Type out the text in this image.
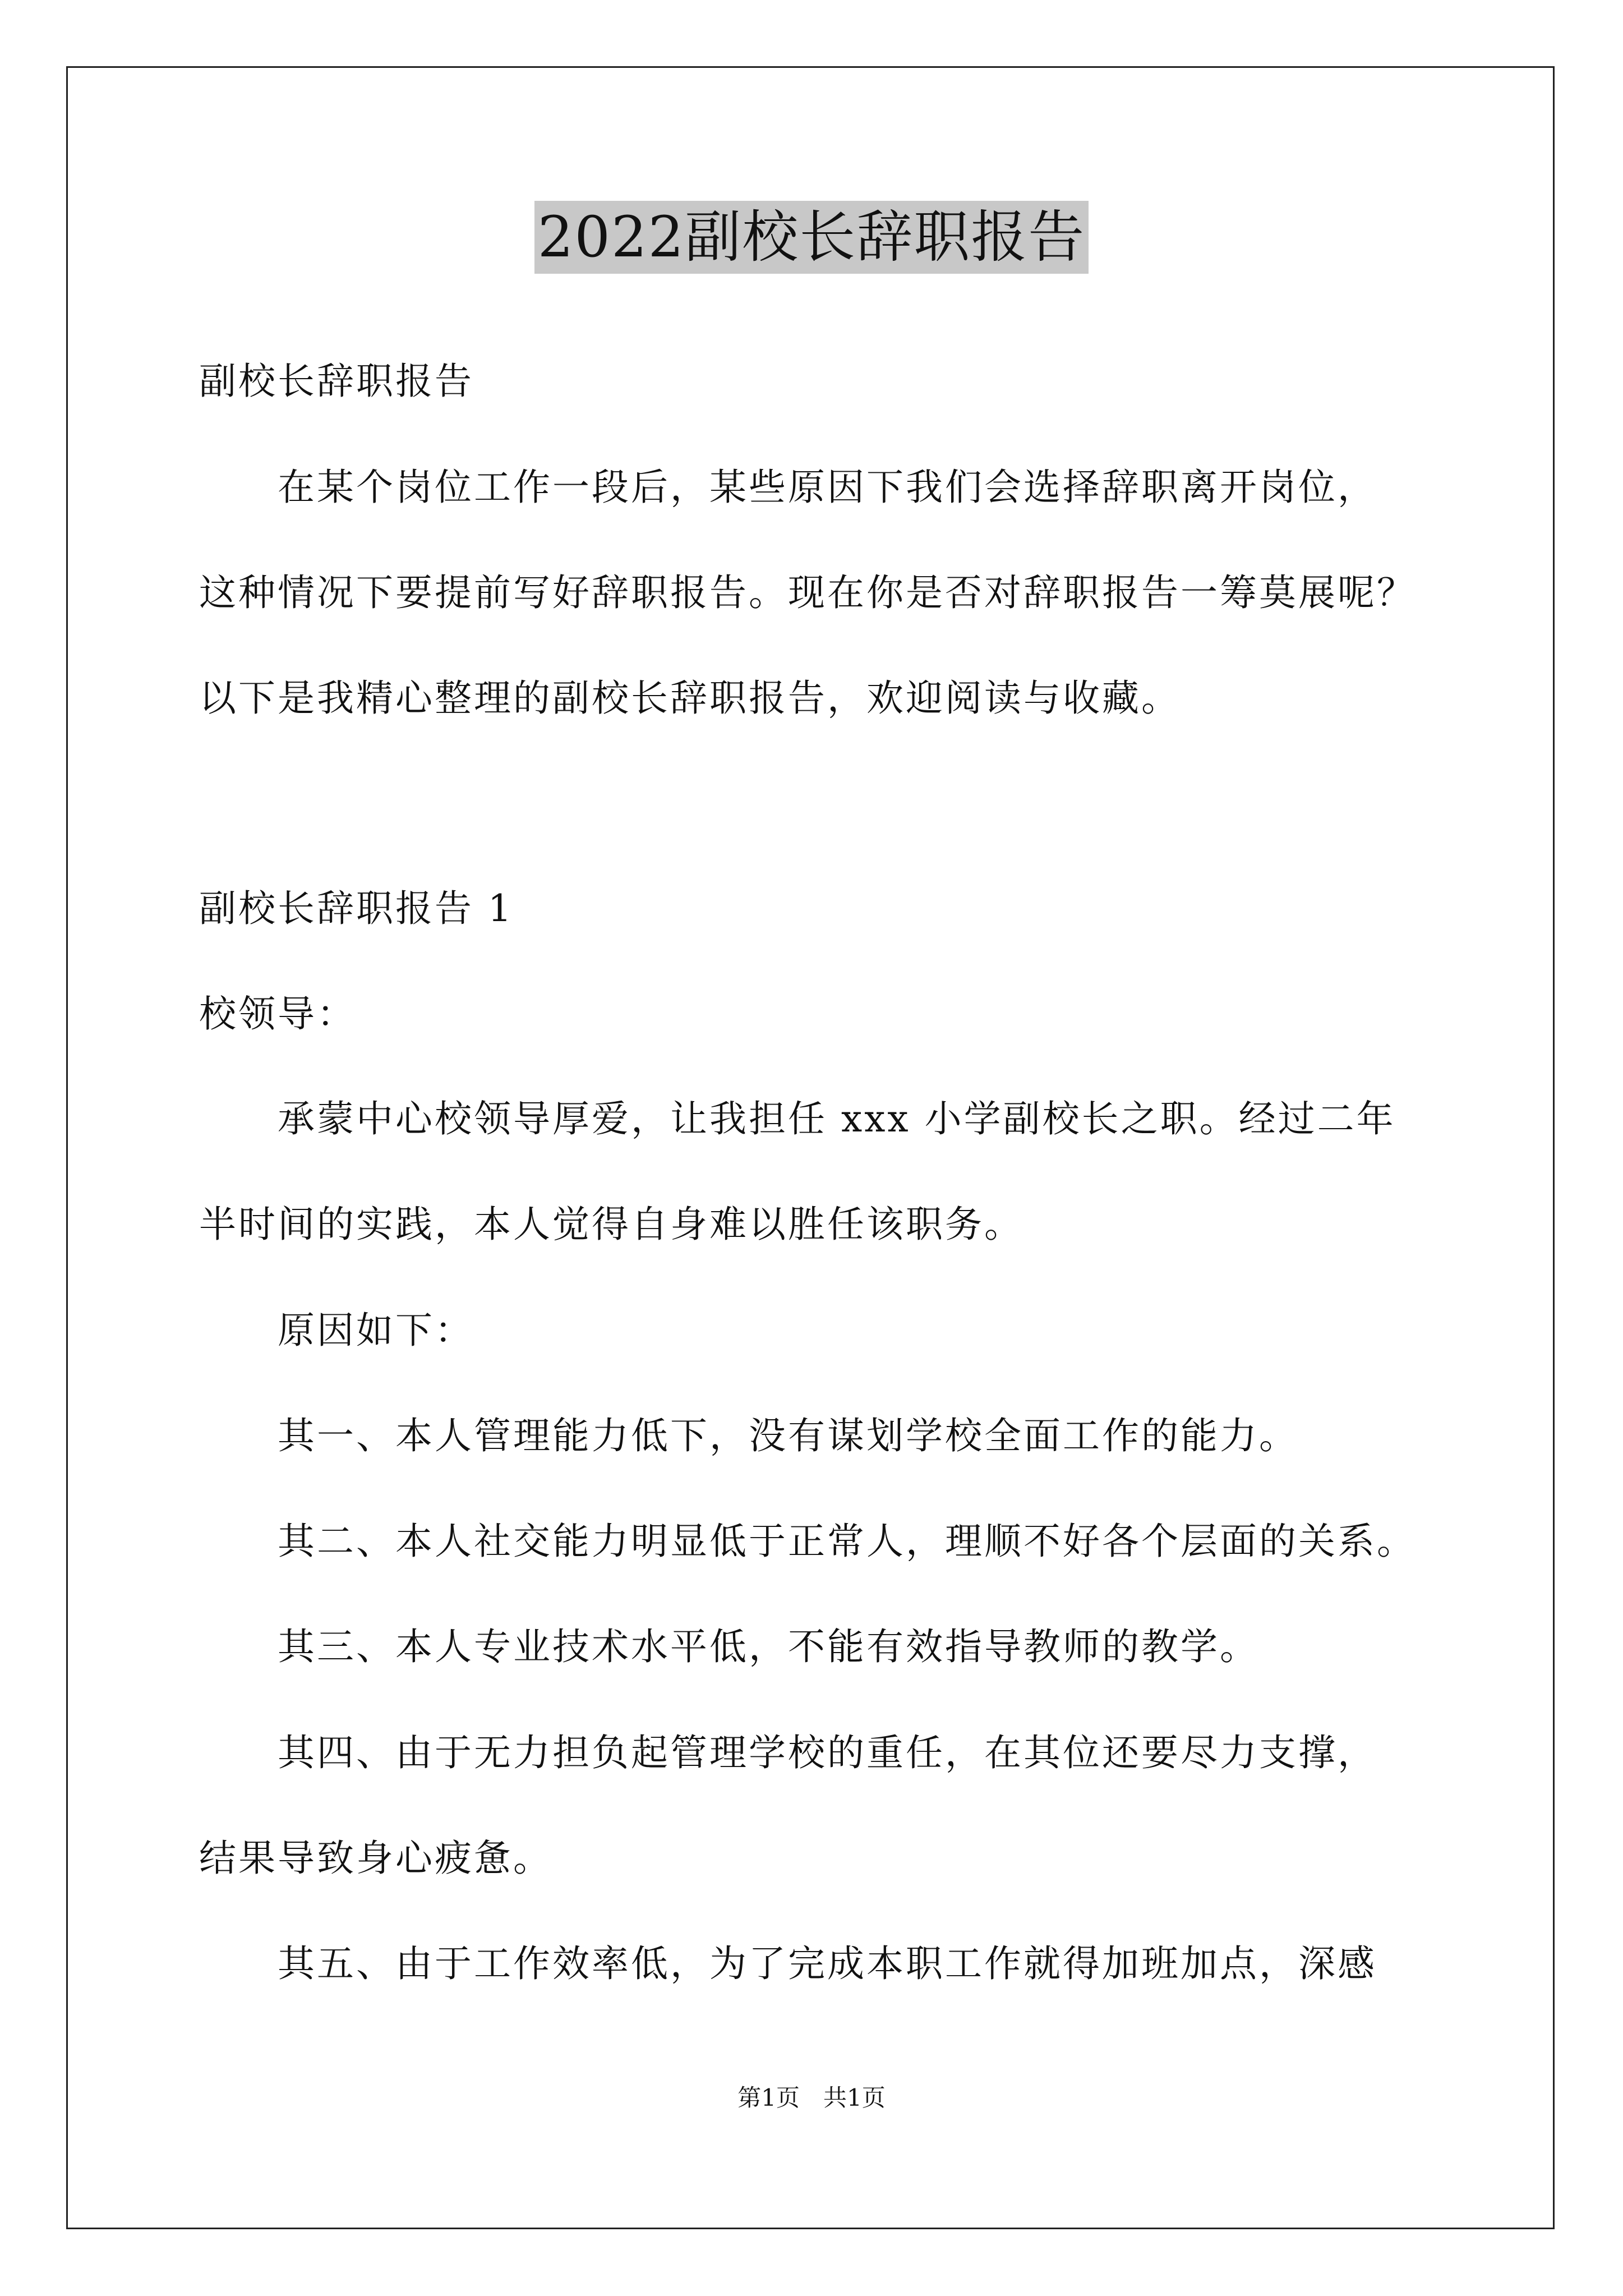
2022副校长辞职报告
副校长辞职报告
　　在某个岗位工作一段后，某些原因下我们会选择辞职离开岗位，
这种情况下要提前写好辞职报告。现在你是否对辞职报告一筹莫展呢？
以下是我精心整理的副校长辞职报告，欢迎阅读与收藏。
副校长辞职报告 1
校领导：
　　承蒙中心校领导厚爱，让我担任 xxx 小学副校长之职。经过二年
半时间的实践，本人觉得自身难以胜任该职务。
　　原因如下：
　　其一、本人管理能力低下，没有谋划学校全面工作的能力。
　　其二、本人社交能力明显低于正常人，理顺不好各个层面的关系。
　　其三、本人专业技术水平低，不能有效指导教师的教学。
　　其四、由于无力担负起管理学校的重任，在其位还要尽力支撑，
结果导致身心疲惫。
　　其五、由于工作效率低，为了完成本职工作就得加班加点，深感
第1页　共1页
